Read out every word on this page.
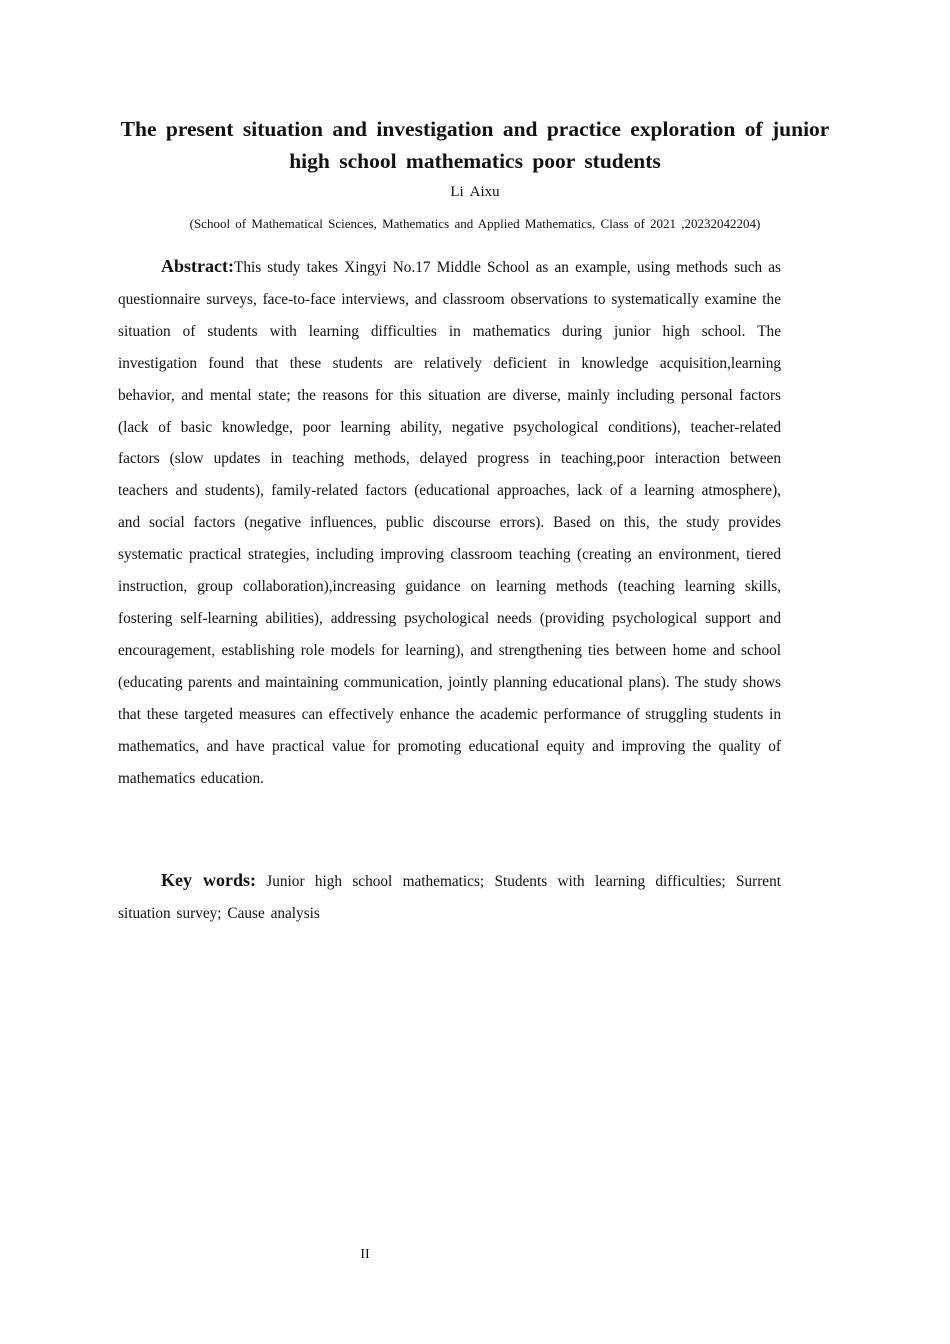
The present situation and investigation and practice exploration of junior high school mathematics poor students

Li Aixu

(School of Mathematical Sciences, Mathematics and Applied Mathematics, Class of 2021 ,20232042204)

Abstract:This study takes Xingyi No.17 Middle School as an example, using methods such as questionnaire surveys, face-to-face interviews, and classroom observations to systematically examine the situation of students with learning difficulties in mathematics during junior high school. The investigation found that these students are relatively deficient in knowledge acquisition,learning behavior, and mental state; the reasons for this situation are diverse, mainly including personal factors (lack of basic knowledge, poor learning ability, negative psychological conditions), teacher-related factors (slow updates in teaching methods, delayed progress in teaching,poor interaction between teachers and students), family-related factors (educational approaches, lack of a learning atmosphere), and social factors (negative influences, public discourse errors). Based on this, the study provides systematic practical strategies, including improving classroom teaching (creating an environment, tiered instruction, group collaboration),increasing guidance on learning methods (teaching learning skills, fostering self-learning abilities), addressing psychological needs (providing psychological support and encouragement, establishing role models for learning), and strengthening ties between home and school (educating parents and maintaining communication, jointly planning educational plans). The study shows that these targeted measures can effectively enhance the academic performance of struggling students in mathematics, and have practical value for promoting educational equity and improving the quality of mathematics education.

Key words: Junior high school mathematics; Students with learning difficulties; Surrent situation survey; Cause analysis

II
